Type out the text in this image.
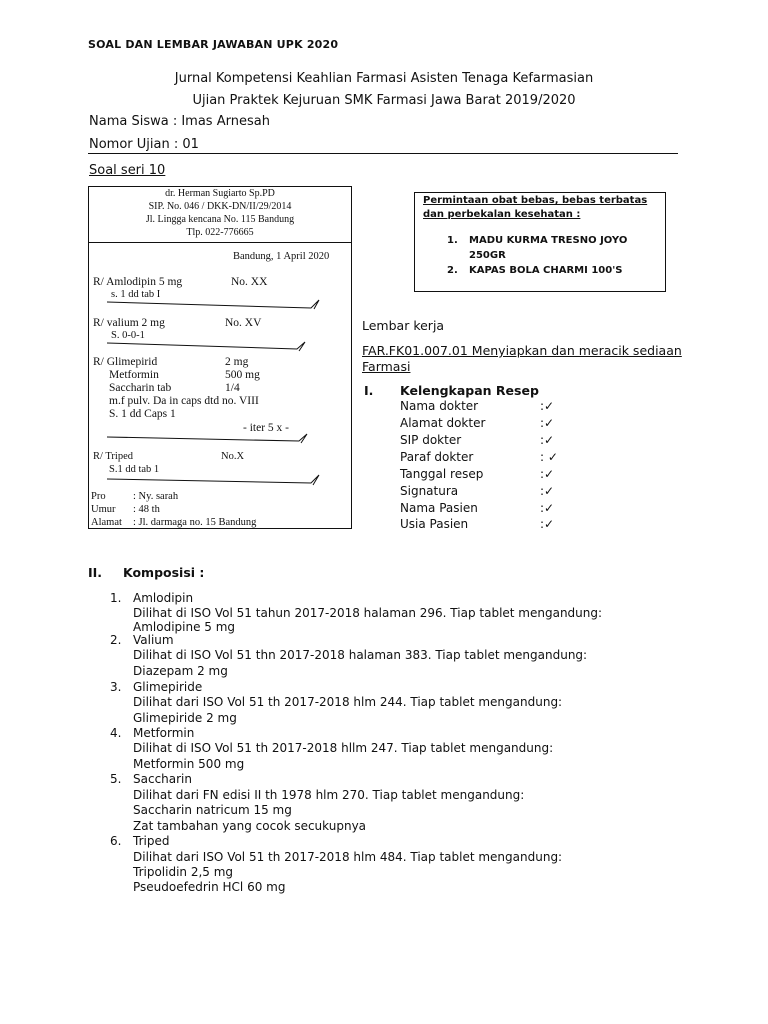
SOAL DAN LEMBAR JAWABAN UPK 2020
Jurnal Kompetensi Keahlian Farmasi Asisten Tenaga Kefarmasian
Ujian Praktek Kejuruan SMK Farmasi Jawa Barat 2019/2020
Nama Siswa : Imas Arnesah
Nomor Ujian : 01
Soal seri 10
dr. Herman Sugiarto Sp.PD
SIP. No. 046 / DKK-DN/II/29/2014
Jl. Lingga kencana No. 115 Bandung
Tlp. 022-776665
Bandung, 1 April 2020
R/ Amlodipin 5 mg	No. XX
s. 1 dd tab I
R/ valium 2 mg	No. XV
S. 0-0-1
R/ Glimepirid	2 mg
Metformin	500 mg
Saccharin tab	1/4
m.f pulv. Da in caps dtd no. VIII
S. 1 dd Caps 1
- iter 5 x -
R/ Triped	No.X
S.1 dd tab 1
Pro	: Ny. sarah
Umur : 48 th
Alamat : Jl. darmaga no. 15 Bandung
Permintaan obat bebas, bebas terbatas
dan perbekalan kesehatan :
1. MADU KURMA TRESNO JOYO
250GR
2. KAPAS BOLA CHARMI 100'S
Lembar kerja
FAR.FK01.007.01 Menyiapkan dan meracik sediaan
Farmasi
I. Kelengkapan Resep
Nama dokter	:✓
Alamat dokter	:✓
SIP dokter	:✓
Paraf dokter	: ✓
Tanggal resep	:✓
Signatura	:✓
Nama Pasien	:✓
Usia Pasien	:✓
II. Komposisi :
1. Amlodipin
Dilihat di ISO Vol 51 tahun 2017-2018 halaman 296. Tiap tablet mengandung:
Amlodipine 5 mg
2. Valium
Dilihat di ISO Vol 51 thn 2017-2018 halaman 383. Tiap tablet mengandung:
Diazepam 2 mg
3. Glimepiride
Dilihat dari ISO Vol 51 th 2017-2018 hlm 244. Tiap tablet mengandung:
Glimepiride 2 mg
4. Metformin
Dilihat di ISO Vol 51 th 2017-2018 hllm 247. Tiap tablet mengandung:
Metformin 500 mg
5. Saccharin
Dilihat dari FN edisi II th 1978 hlm 270. Tiap tablet mengandung:
Saccharin natricum 15 mg
Zat tambahan yang cocok secukupnya
6. Triped
Dilihat dari ISO Vol 51 th 2017-2018 hlm 484. Tiap tablet mengandung:
Tripolidin 2,5 mg
Pseudoefedrin HCl 60 mg
